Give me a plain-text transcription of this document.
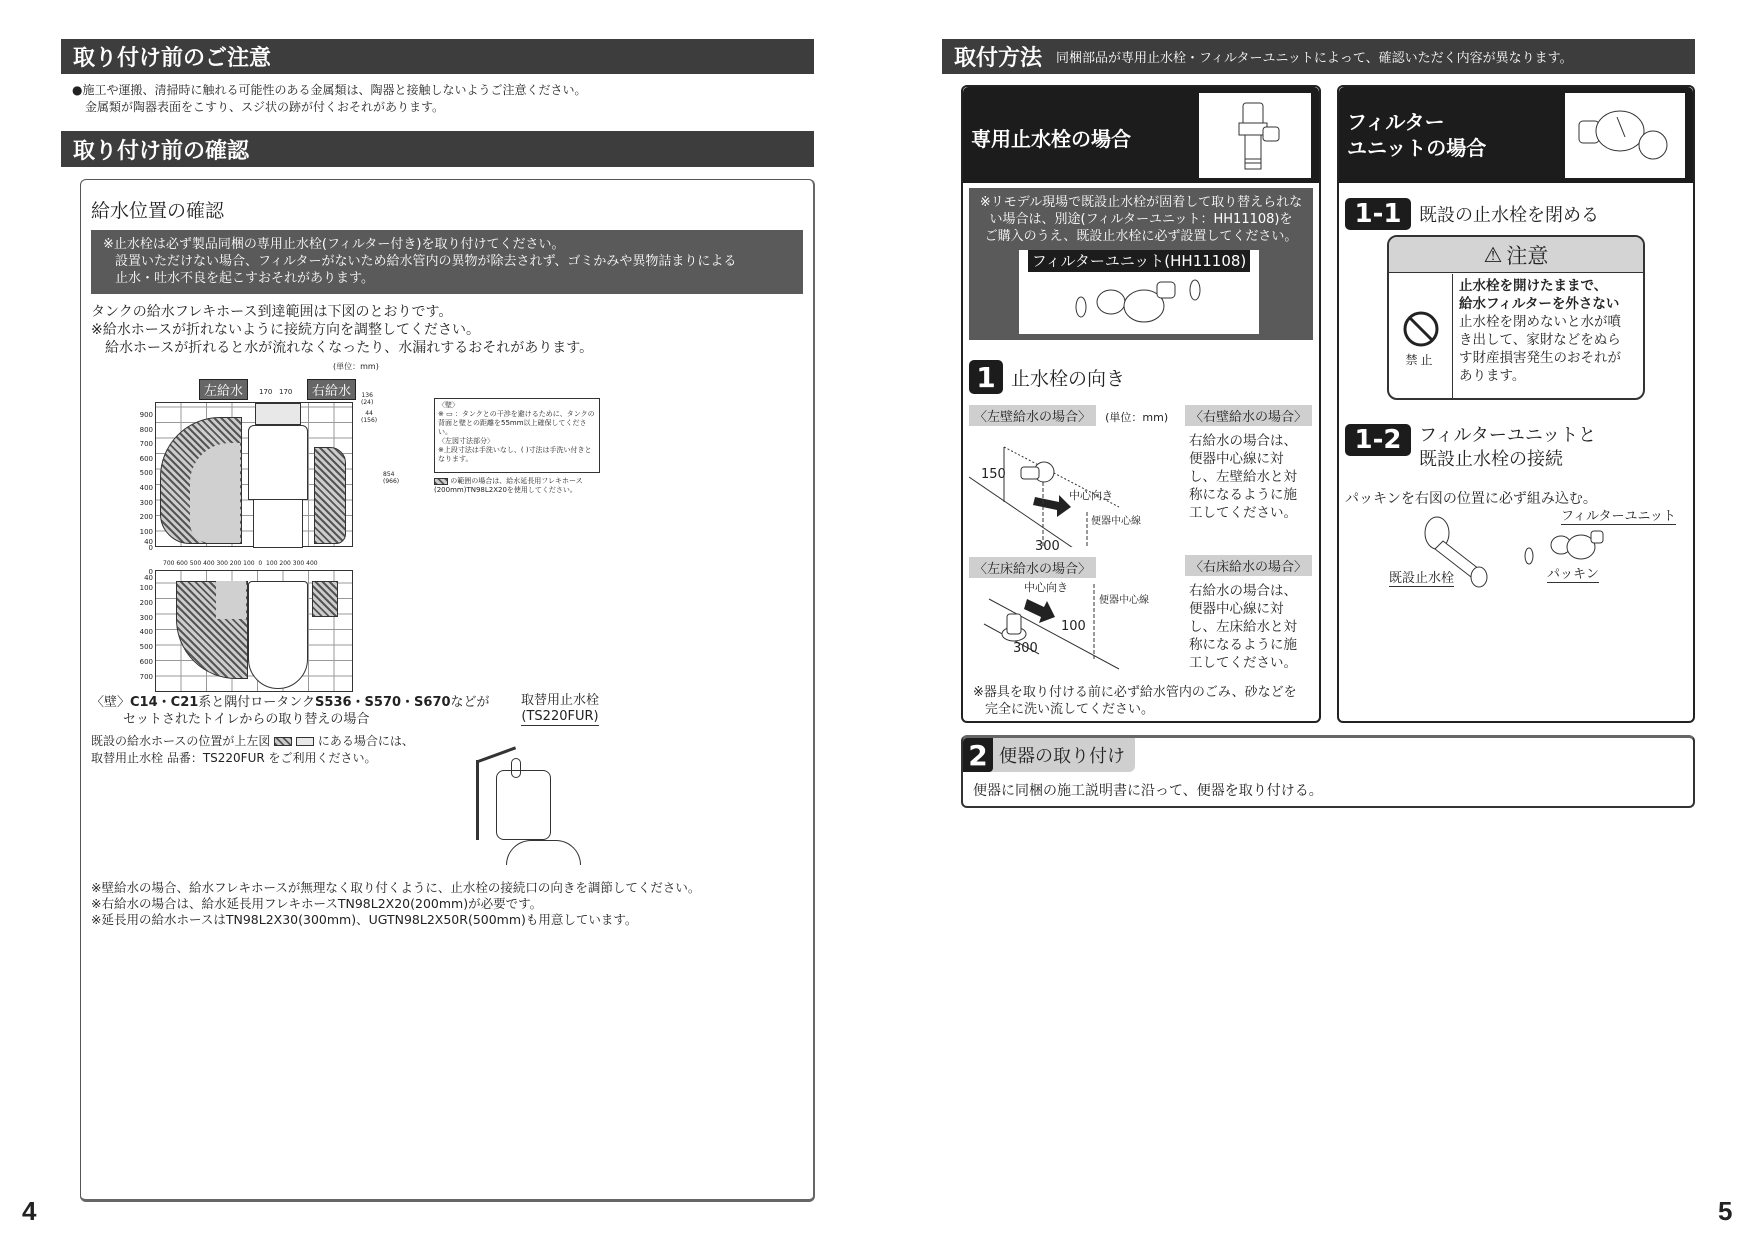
取り付け前のご注意
●施工や運搬、清掃時に触れる可能性のある金属類は、陶器と接触しないようご注意ください。
金属類が陶器表面をこすり、スジ状の跡が付くおそれがあります。
取り付け前の確認
給水位置の確認
※止水栓は必ず製品同梱の専用止水栓(フィルター付き)を取り付けてください。
設置いただけない場合、フィルターがないため給水管内の異物が除去されず、ゴミかみや異物詰まりによる
止水・吐水不良を起こすおそれがあります。
タンクの給水フレキホース到達範囲は下図のとおりです。
※給水ホースが折れないように接続方向を調整してください。
給水ホースが折れると水が流れなくなったり、水漏れするおそれがあります。
(単位：mm)
左給水	右給水
170 170
900
800
700
600
500
400
300
200
100
40
0
136
(24)
44
(156)
854
(966)
700 600 500 400 300 200 100  0  100 200 300 400
0
40
100
200
300
400
500
600
700
〈壁〉
※ ▭ ：タンクとの干渉を避けるために、タンクの背面と壁との距離を55mm以上確保してください。
〈左図寸法部分〉
※上段寸法は手洗いなし、( )寸法は手洗い付きとなります。
の範囲の場合は、給水延長用フレキホース(200mm)TN98L2X20を使用してください。
〈壁〉C14・C21系と隅付ロータンクS536・S570・S670などが
セットされたトイレからの取り替えの場合
既設の給水ホースの位置が上左図	にある場合には、
取替用止水栓 品番：TS220FUR をご利用ください。
取替用止水栓
(TS220FUR)
※壁給水の場合、給水フレキホースが無理なく取り付くように、止水栓の接続口の向きを調節してください。
※右給水の場合は、給水延長用フレキホースTN98L2X20(200mm)が必要です。
※延長用の給水ホースはTN98L2X30(300mm)、UGTN98L2X50R(500mm)も用意しています。
4
取付方法 同梱部品が専用止水栓・フィルターユニットによって、確認いただく内容が異なります。
専用止水栓の場合
※リモデル現場で既設止水栓が固着して取り替えられな
い場合は、別途(フィルターユニット：HH11108)を
ご購入のうえ、既設止水栓に必ず設置してください。
フィルターユニット(HH11108)
1 止水栓の向き
〈左壁給水の場合〉 (単位：mm)
150
中心向き
便器中心線
300
〈右壁給水の場合〉
右給水の場合は、
便器中心線に対
し、左壁給水と対
称になるように施
工してください。
〈左床給水の場合〉
中心向き
便器中心線
100
300
〈右床給水の場合〉
右給水の場合は、
便器中心線に対
し、左床給水と対
称になるように施
工してください。
※器具を取り付ける前に必ず給水管内のごみ、砂などを
完全に洗い流してください。
フィルター
ユニットの場合
1-1 既設の止水栓を閉める
⚠ 注意
禁止
止水栓を開けたままで、
給水フィルターを外さない
止水栓を閉めないと水が噴
き出して、家財などをぬら
す財産損害発生のおそれが
あります。
1-2 フィルターユニットと
既設止水栓の接続
パッキンを右図の位置に必ず組み込む。
フィルターユニット
既設止水栓	パッキン
2 便器の取り付け
便器に同梱の施工説明書に沿って、便器を取り付ける。
5
